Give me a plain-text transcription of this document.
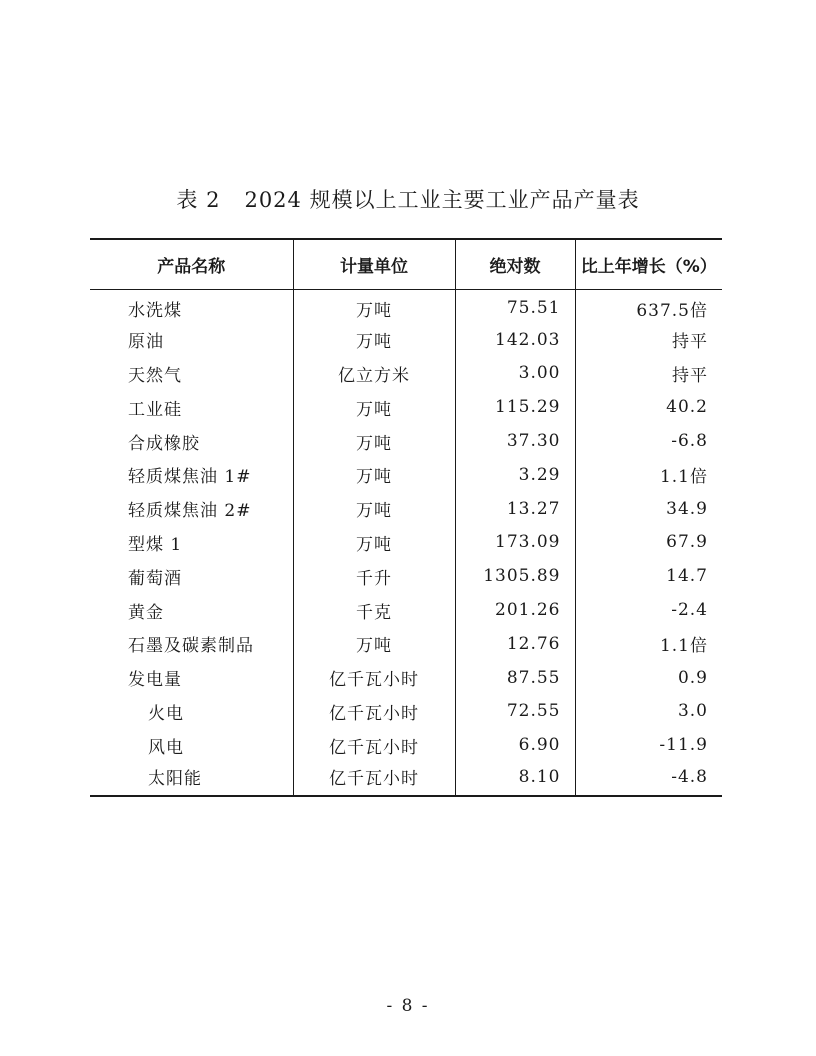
表 2 2024 规模以上工业主要工业产品产量表
产品名称	计量单位	绝对数	比上年增长（%）
水洗煤	万吨	75.51	637.5倍
原油	万吨	142.03	持平
天然气	亿立方米	3.00	持平
工业硅	万吨	115.29	40.2
合成橡胶	万吨	37.30	-6.8
轻质煤焦油 1#	万吨	3.29	1.1倍
轻质煤焦油 2#	万吨	13.27	34.9
型煤 1	万吨	173.09	67.9
葡萄酒	千升	1305.89	14.7
黄金	千克	201.26	-2.4
石墨及碳素制品	万吨	12.76	1.1倍
发电量	亿千瓦小时	87.55	0.9
火电	亿千瓦小时	72.55	3.0
风电	亿千瓦小时	6.90	-11.9
太阳能	亿千瓦小时	8.10	-4.8
- 8 -
